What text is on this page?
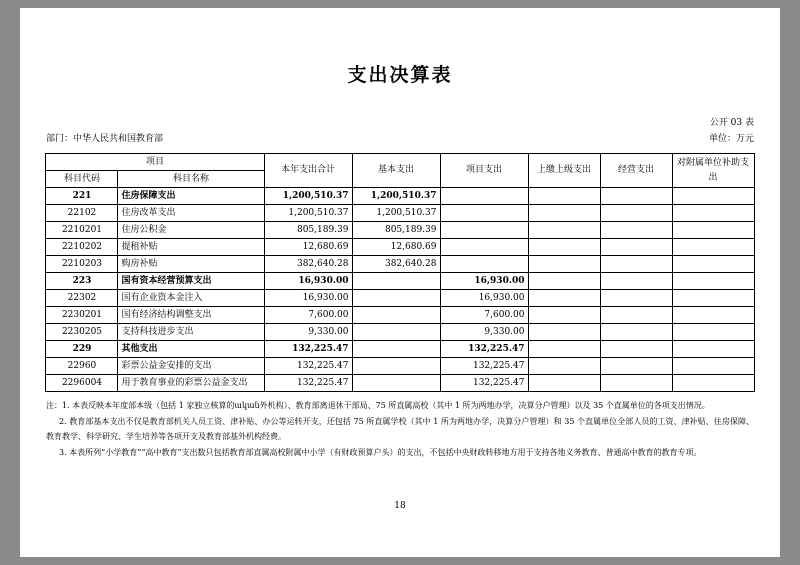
支出决算表
部门：中华人民共和国教育部
公开 03 表
单位：万元
项目		本年支出合计	基本支出	项目支出	上缴上级支出	经营支出	对附属单位补助支出
科目代码	科目名称						
221	住房保障支出	1,200,510.37	1,200,510.37				
22102	住房改革支出	1,200,510.37	1,200,510.37				
2210201	住房公积金	805,189.39	805,189.39				
2210202	提租补贴	12,680.69	12,680.69				
2210203	购房补贴	382,640.28	382,640.28				
223	国有资本经营预算支出	16,930.00		16,930.00			
22302	国有企业资本金注入	16,930.00		16,930.00			
2230201	国有经济结构调整支出	7,600.00		7,600.00			
2230205	支持科技进步支出	9,330.00		9,330.00			
229	其他支出	132,225.47		132,225.47			
22960	彩票公益金安排的支出	132,225.47		132,225.47			
2296004	用于教育事业的彩票公益金支出	132,225.47		132,225.47			

注：1. 本表反映本年度部本级（包括 1 家独立核算的ական外机构）、教育部离退休干部局、75 所直属高校（其中 1 所为两地办学，决算分户管理）以及 35 个直属单位的各项支出情况。

2. 教育部基本支出不仅是教育部机关人员工资、津补贴、办公等运转开支，还包括 75 所直属学校（其中 1 所为两地办学，决算分户管理）和 35 个直属单位全部人员的工资、津补贴、住房保障、教育教学、科学研究、学生培养等各项开支及教育部基外机构经费。

3. 本表所列“小学教育”“高中教育”支出数只包括教育部直属高校附属中小学（有财政预算户头）的支出，不包括中央财政转移地方用于支持各地义务教育、普通高中教育的教育专项。

18
